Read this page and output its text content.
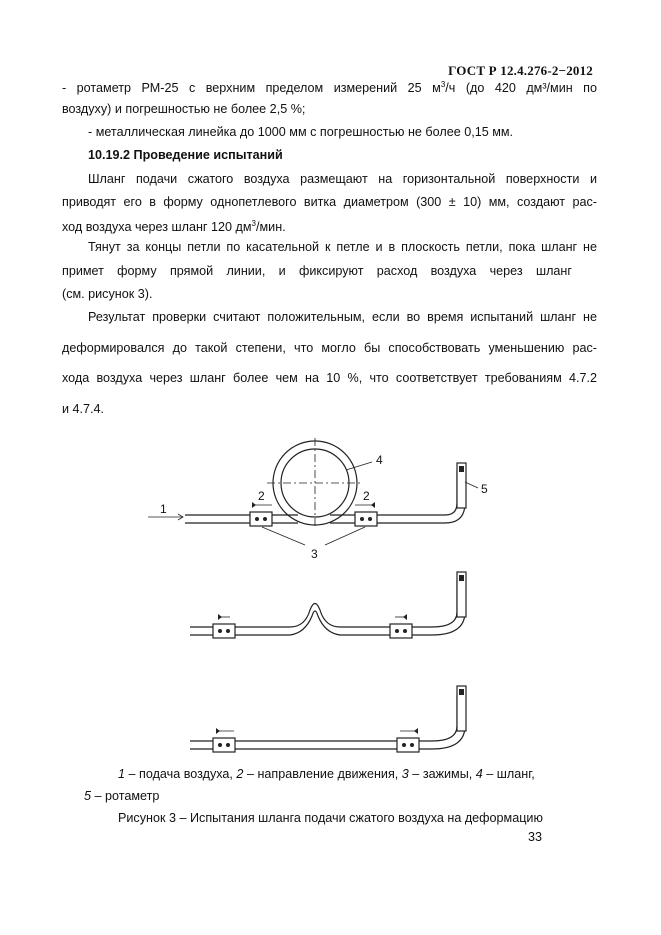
ГОСТ Р 12.4.276-2−2012
- ротаметр РМ-25 с верхним пределом измерений 25 $м^3/ч$ (до 420 дм³/мин по
воздуху) и погрешностью не более 2,5 %;
- металлическая линейка до 1000 мм с погрешностью не более 0,15 мм.
10.19.2 Проведение испытаний
Шланг подачи сжатого воздуха размещают на горизонтальной поверхности и
приводят его в форму однопетлевого витка диаметром (300 ± 10) мм, создают рас-
ход воздуха через шланг 120 $дм^3$/мин.
Тянут за концы петли по касательной к петле и в плоскость петли, пока шланг не
примет форму прямой линии, и фиксируют расход воздуха через шланг
(см. рисунок 3).
Результат проверки считают положительным, если во время испытаний шланг не
деформировался до такой степени, что могло бы способствовать уменьшению рас-
хода воздуха через шланг более чем на 10 %, что соответствует требованиям 4.7.2
и 4.7.4.
1
2	2
3
4
5
1 – подача воздуха, 2 – направление движения, 3 – зажимы, 4 – шланг,
5 – ротаметр
Рисунок 3 – Испытания шланга подачи сжатого воздуха на деформацию
33
